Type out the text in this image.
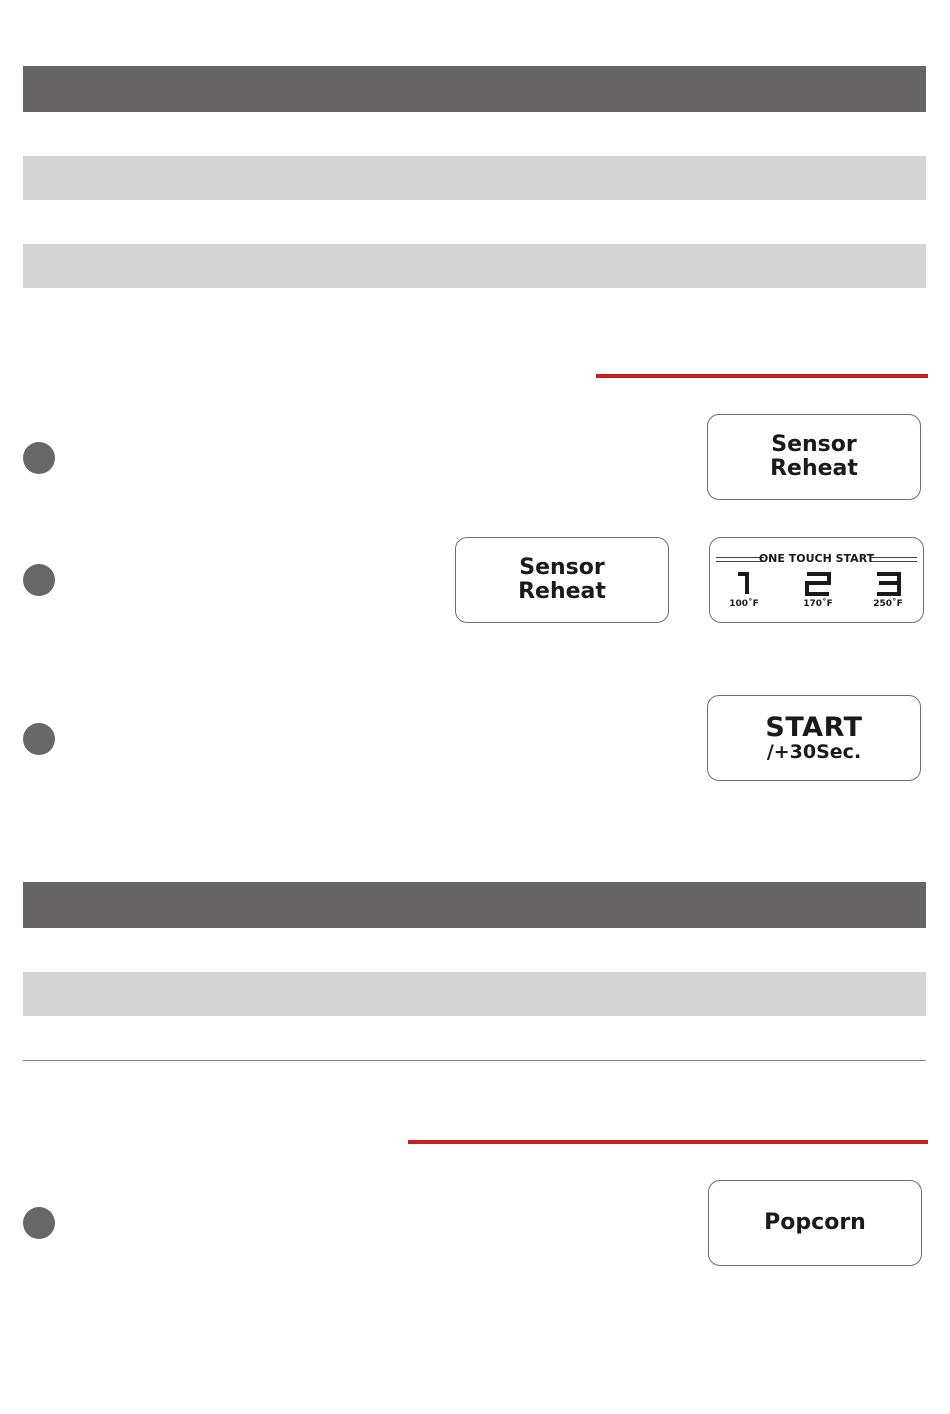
Sensor
Reheat
Sensor
Reheat
ONE TOUCH START
100˚F	170˚F	250˚F
START
/+30Sec.
Popcorn
